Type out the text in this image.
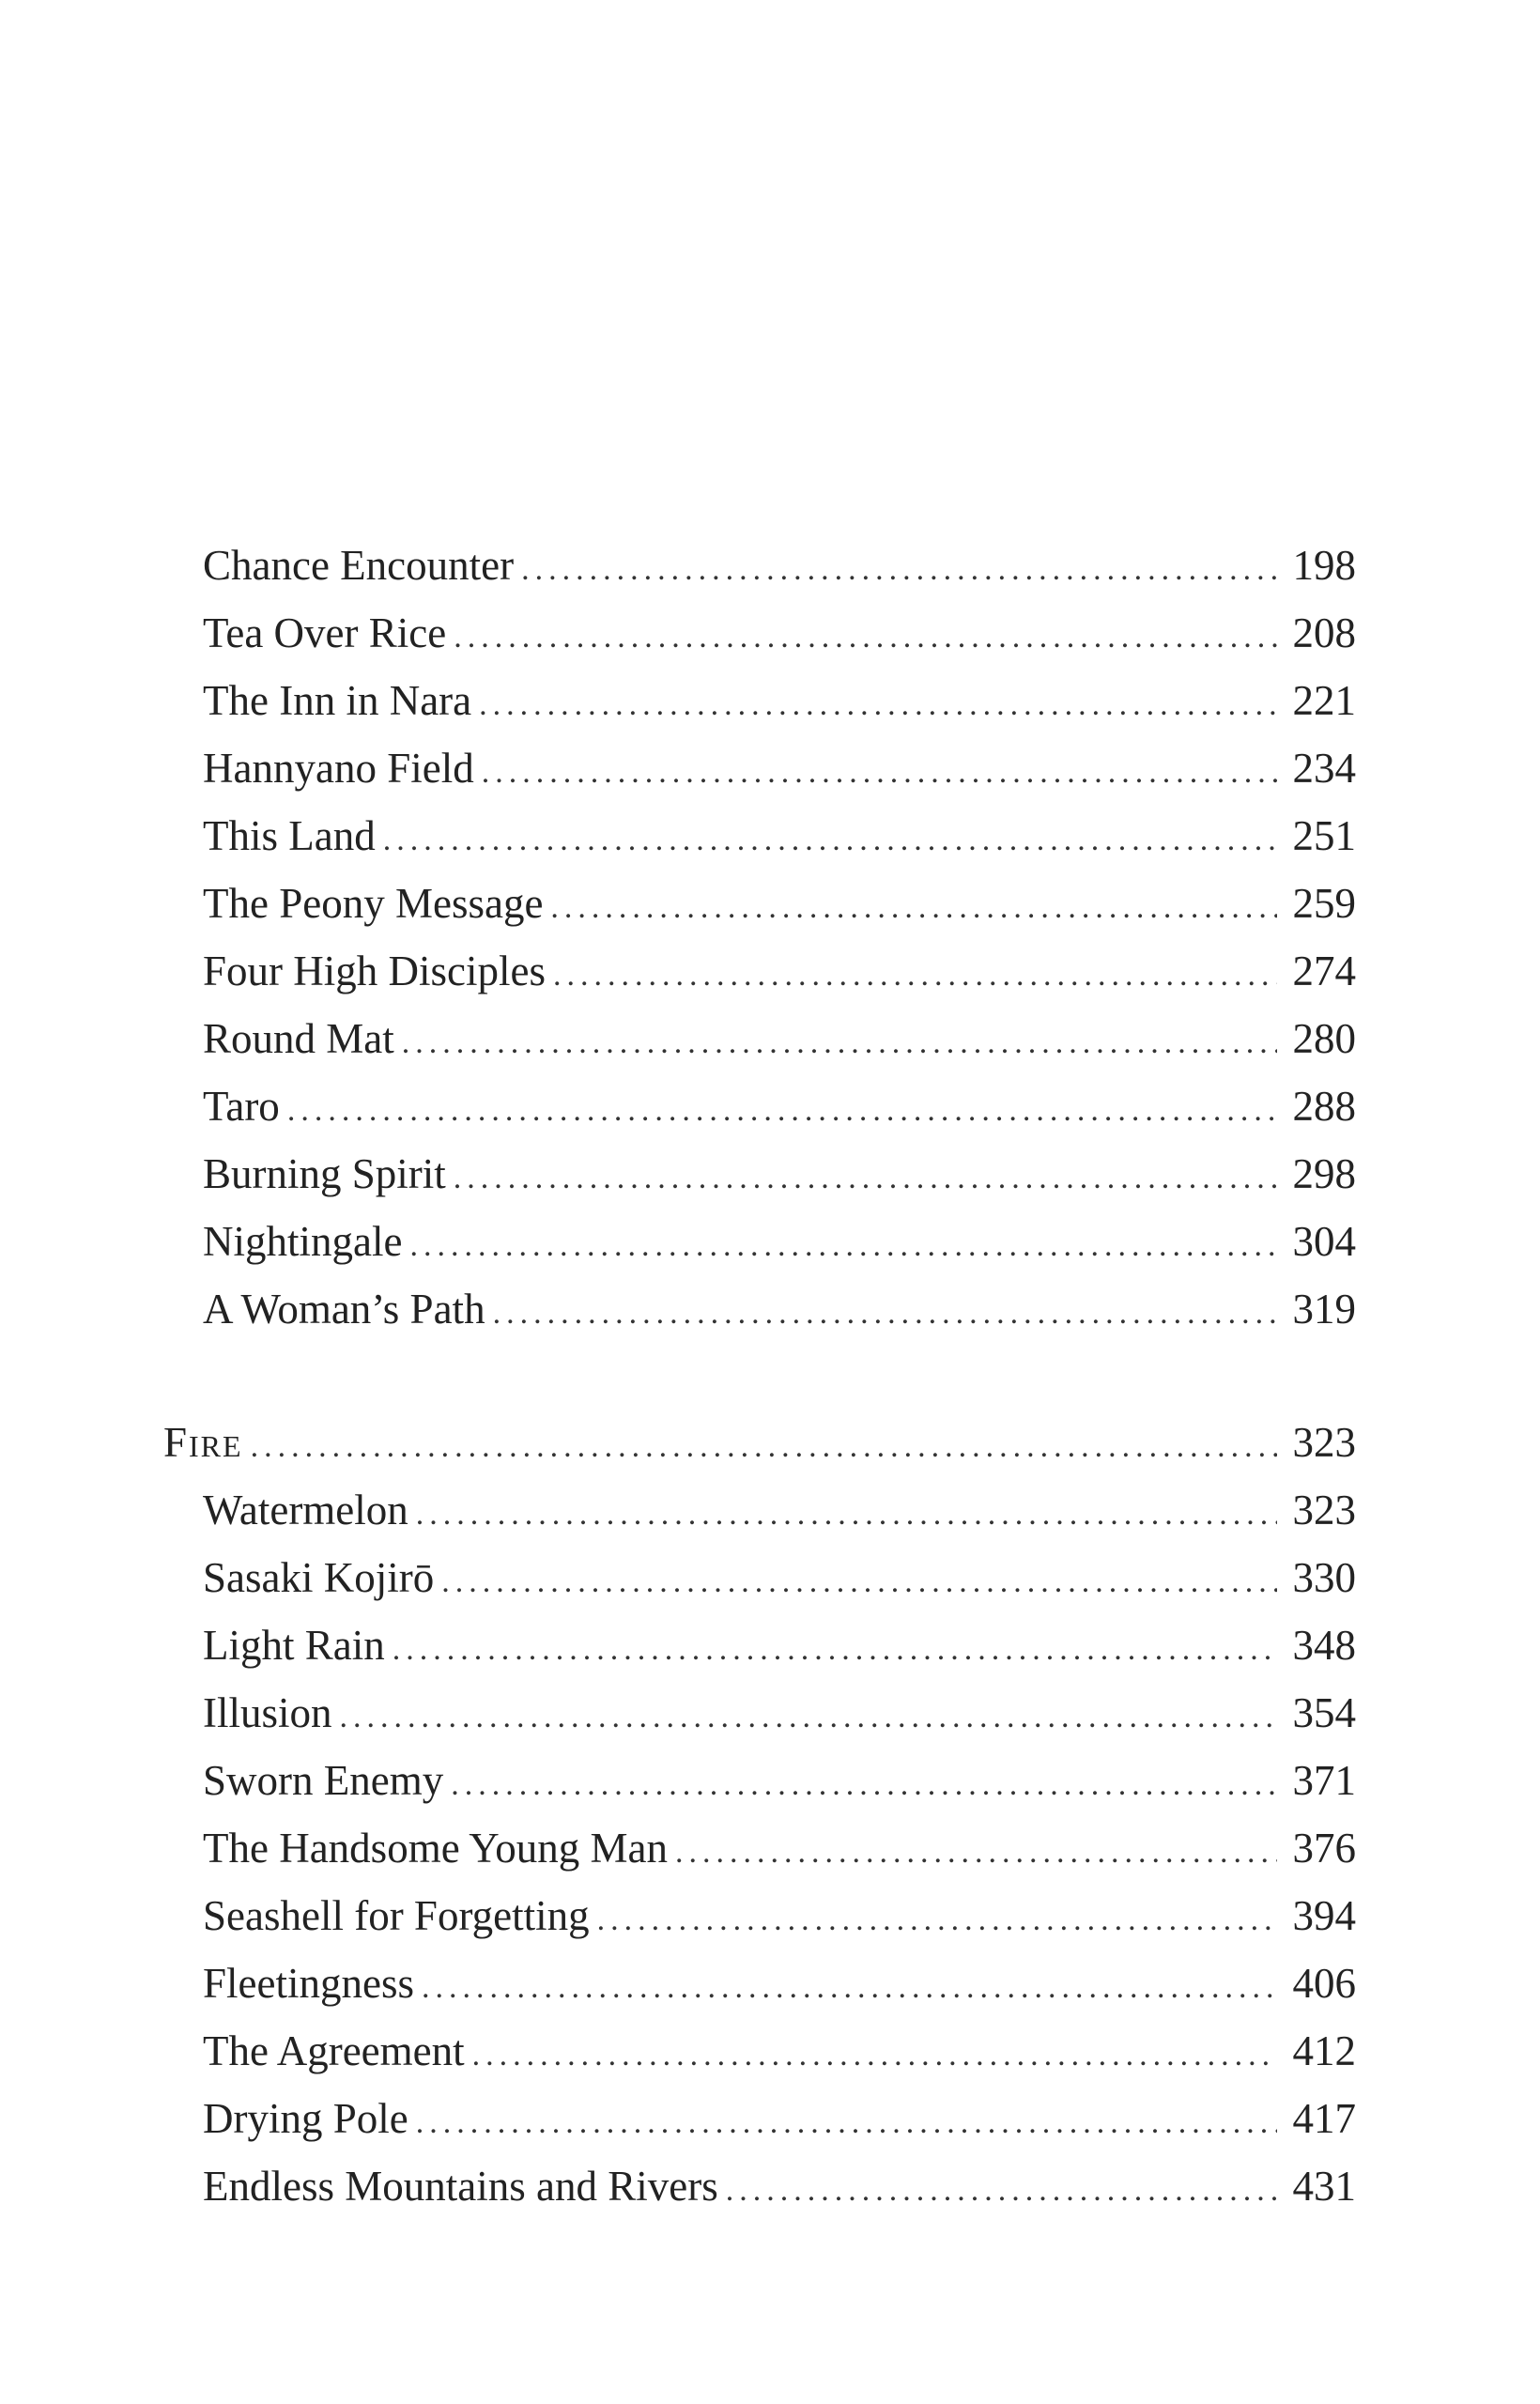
Chance Encounter .....	198
Tea Over Rice .....	208
The Inn in Nara .....	221
Hannyano Field .....	234
This Land .....	251
The Peony Message .....	259
Four High Disciples .....	274
Round Mat .....	280
Taro .....	288
Burning Spirit .....	298
Nightingale .....	304
A Woman’s Path .....	319
Fire .....	323
Watermelon .....	323
Sasaki Kojirō .....	330
Light Rain .....	348
Illusion .....	354
Sworn Enemy .....	371
The Handsome Young Man .....	376
Seashell for Forgetting .....	394
Fleetingness .....	406
The Agreement .....	412
Drying Pole .....	417
Endless Mountains and Rivers .....	431
